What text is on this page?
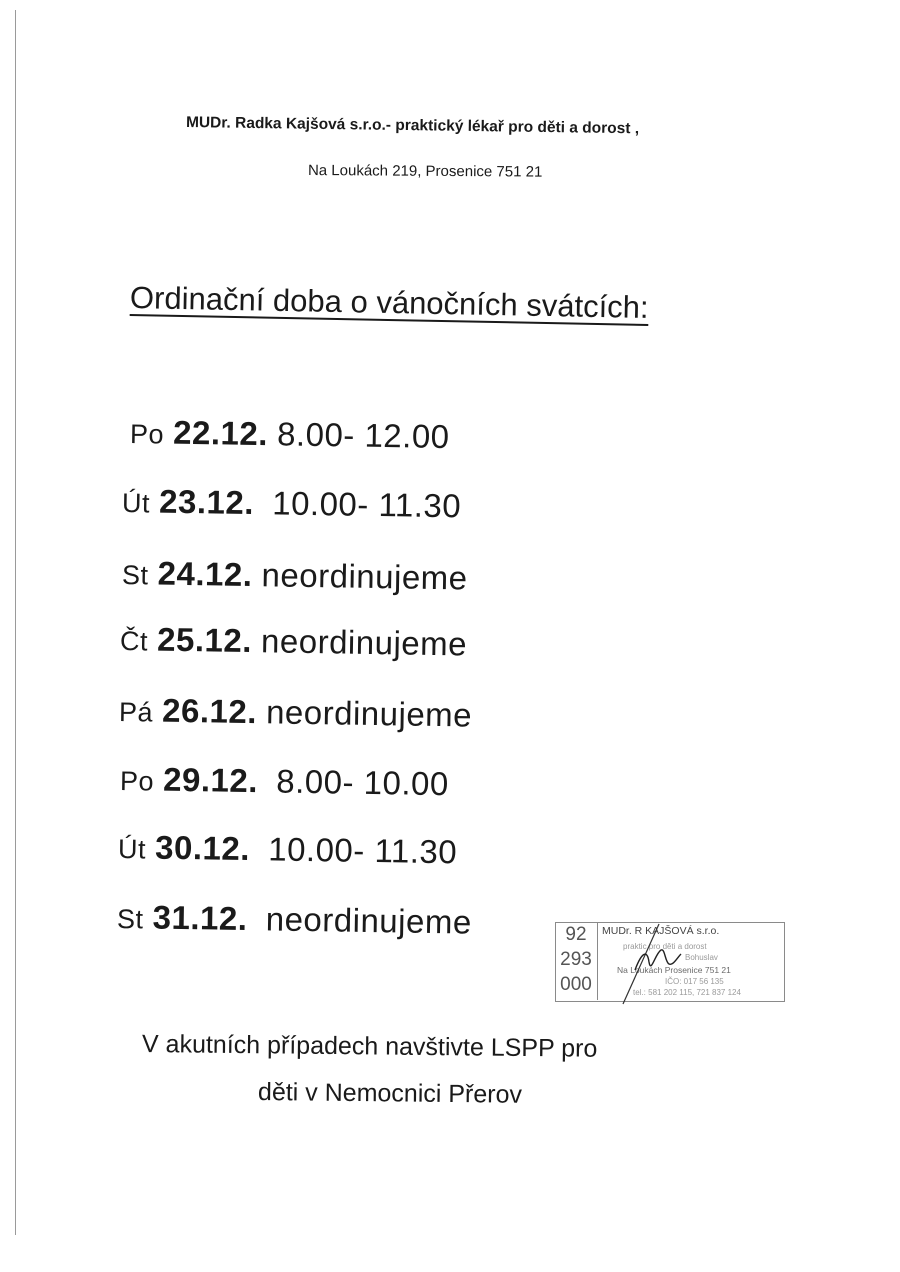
MUDr. Radka Kajšová s.r.o.- praktický lékař pro děti a dorost ,
Na Loukách 219, Prosenice 751 21
Ordinační doba o vánočních svátcích:
Po 22.12. 8.00- 12.00
Út 23.12. 10.00- 11.30
St 24.12. neordinujeme
Čt 25.12. neordinujeme
Pá 26.12. neordinujeme
Po 29.12. 8.00- 10.00
Út 30.12. 10.00- 11.30
St 31.12. neordinujeme	92
293
000
MUDr. R KAJŠOVÁ s.r.o.
praktic pro děti a dorost
Bohuslav
Na Loukách Prosenice 751 21
IČO: 017 56 135
tel.: 581 202 115, 721 837 124
V akutních případech navštivte LSPP pro
děti v Nemocnici Přerov
